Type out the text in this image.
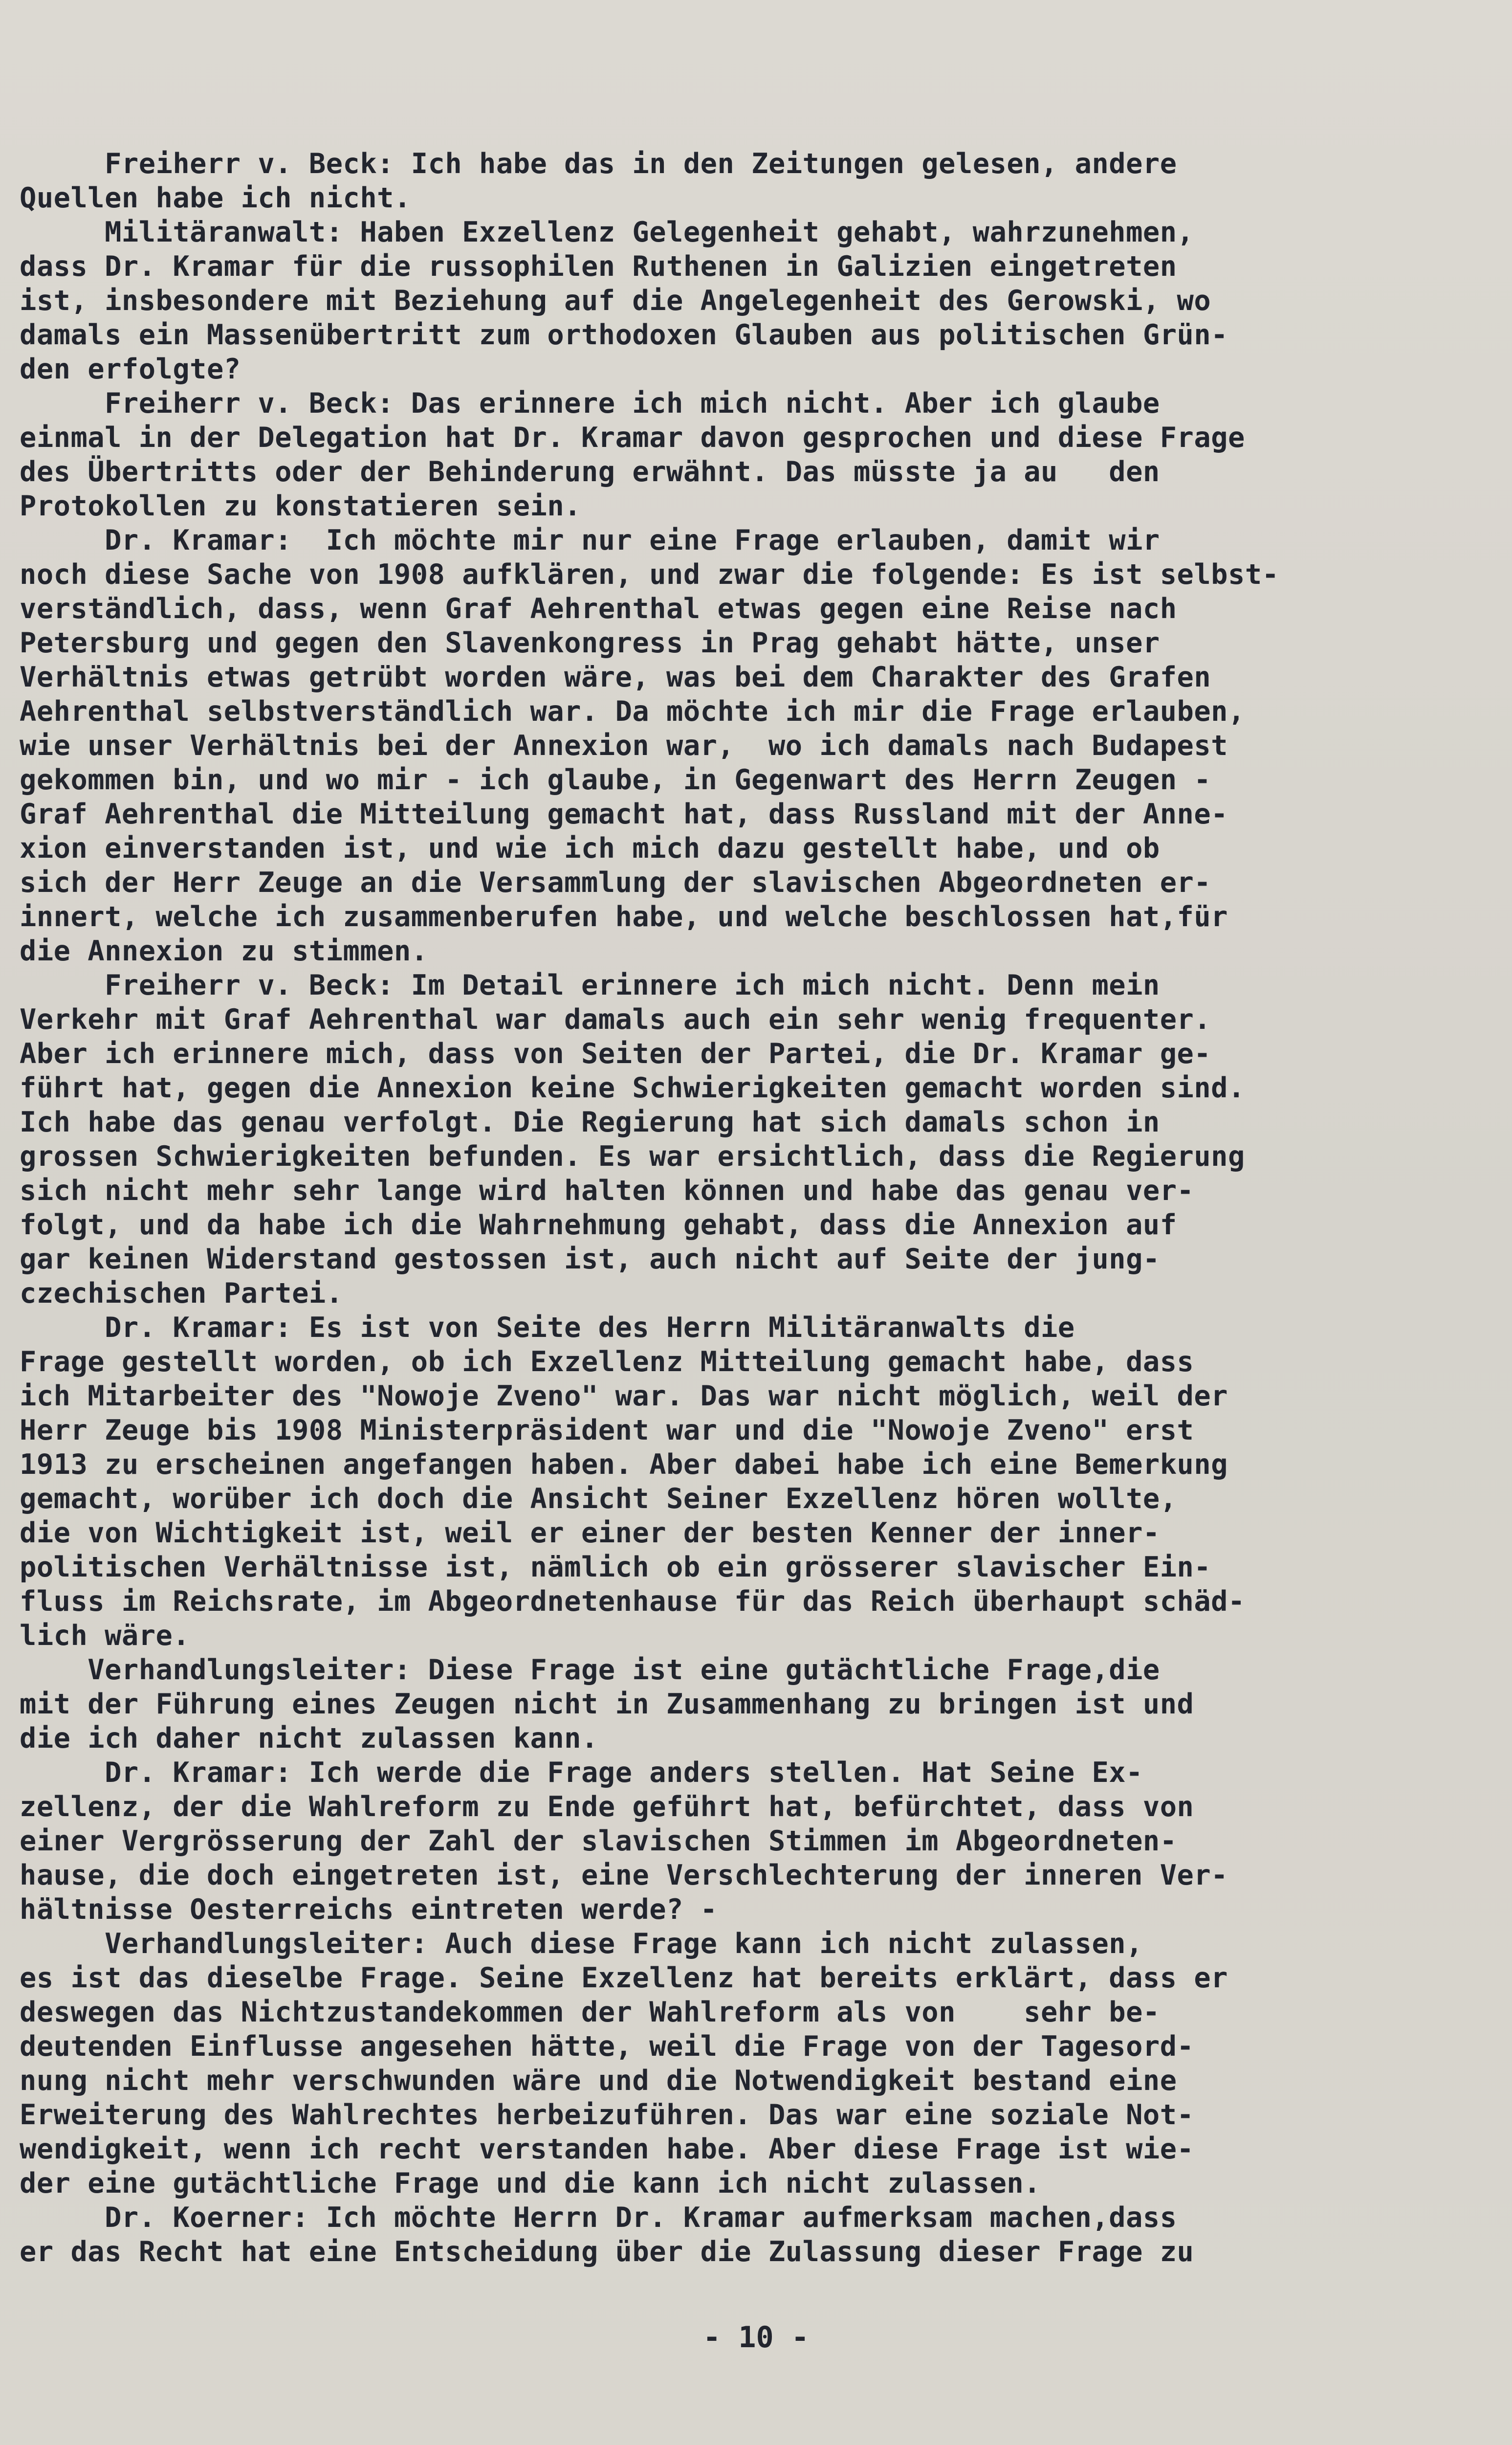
Freiherr v. Beck: Ich habe das in den Zeitungen gelesen, andere
Quellen habe ich nicht.
Militäranwalt: Haben Exzellenz Gelegenheit gehabt, wahrzunehmen,
dass Dr. Kramar für die russophilen Ruthenen in Galizien eingetreten
ist, insbesondere mit Beziehung auf die Angelegenheit des Gerowski, wo
damals ein Massenübertritt zum orthodoxen Glauben aus politischen Grün-
den erfolgte?
Freiherr v. Beck: Das erinnere ich mich nicht. Aber ich glaube
einmal in der Delegation hat Dr. Kramar davon gesprochen und diese Frage
des Übertritts oder der Behinderung erwähnt. Das müsste ja au   den
Protokollen zu konstatieren sein.
Dr. Kramar:  Ich möchte mir nur eine Frage erlauben, damit wir
noch diese Sache von 1908 aufklären, und zwar die folgende: Es ist selbst-
verständlich, dass, wenn Graf Aehrenthal etwas gegen eine Reise nach
Petersburg und gegen den Slavenkongress in Prag gehabt hätte, unser
Verhältnis etwas getrübt worden wäre, was bei dem Charakter des Grafen
Aehrenthal selbstverständlich war. Da möchte ich mir die Frage erlauben,
wie unser Verhältnis bei der Annexion war,  wo ich damals nach Budapest
gekommen bin, und wo mir - ich glaube, in Gegenwart des Herrn Zeugen -
Graf Aehrenthal die Mitteilung gemacht hat, dass Russland mit der Anne-
xion einverstanden ist, und wie ich mich dazu gestellt habe, und ob
sich der Herr Zeuge an die Versammlung der slavischen Abgeordneten er-
innert, welche ich zusammenberufen habe, und welche beschlossen hat,für
die Annexion zu stimmen.
Freiherr v. Beck: Im Detail erinnere ich mich nicht. Denn mein
Verkehr mit Graf Aehrenthal war damals auch ein sehr wenig frequenter.
Aber ich erinnere mich, dass von Seiten der Partei, die Dr. Kramar ge-
führt hat, gegen die Annexion keine Schwierigkeiten gemacht worden sind.
Ich habe das genau verfolgt. Die Regierung hat sich damals schon in
grossen Schwierigkeiten befunden. Es war ersichtlich, dass die Regierung
sich nicht mehr sehr lange wird halten können und habe das genau ver-
folgt, und da habe ich die Wahrnehmung gehabt, dass die Annexion auf
gar keinen Widerstand gestossen ist, auch nicht auf Seite der jung-
czechischen Partei.
Dr. Kramar: Es ist von Seite des Herrn Militäranwalts die
Frage gestellt worden, ob ich Exzellenz Mitteilung gemacht habe, dass
ich Mitarbeiter des "Nowoje Zveno" war. Das war nicht möglich, weil der
Herr Zeuge bis 1908 Ministerpräsident war und die "Nowoje Zveno" erst
1913 zu erscheinen angefangen haben. Aber dabei habe ich eine Bemerkung
gemacht, worüber ich doch die Ansicht Seiner Exzellenz hören wollte,
die von Wichtigkeit ist, weil er einer der besten Kenner der inner-
politischen Verhältnisse ist, nämlich ob ein grösserer slavischer Ein-
fluss im Reichsrate, im Abgeordnetenhause für das Reich überhaupt schäd-
lich wäre.
Verhandlungsleiter: Diese Frage ist eine gutächtliche Frage,die
mit der Führung eines Zeugen nicht in Zusammenhang zu bringen ist und
die ich daher nicht zulassen kann.
Dr. Kramar: Ich werde die Frage anders stellen. Hat Seine Ex-
zellenz, der die Wahlreform zu Ende geführt hat, befürchtet, dass von
einer Vergrösserung der Zahl der slavischen Stimmen im Abgeordneten-
hause, die doch eingetreten ist, eine Verschlechterung der inneren Ver-
hältnisse Oesterreichs eintreten werde? -
Verhandlungsleiter: Auch diese Frage kann ich nicht zulassen,
es ist das dieselbe Frage. Seine Exzellenz hat bereits erklärt, dass er
deswegen das Nichtzustandekommen der Wahlreform als von    sehr be-
deutenden Einflusse angesehen hätte, weil die Frage von der Tagesord-
nung nicht mehr verschwunden wäre und die Notwendigkeit bestand eine
Erweiterung des Wahlrechtes herbeizuführen. Das war eine soziale Not-
wendigkeit, wenn ich recht verstanden habe. Aber diese Frage ist wie-
der eine gutächtliche Frage und die kann ich nicht zulassen.
Dr. Koerner: Ich möchte Herrn Dr. Kramar aufmerksam machen,dass
er das Recht hat eine Entscheidung über die Zulassung dieser Frage zu
- 10 -
